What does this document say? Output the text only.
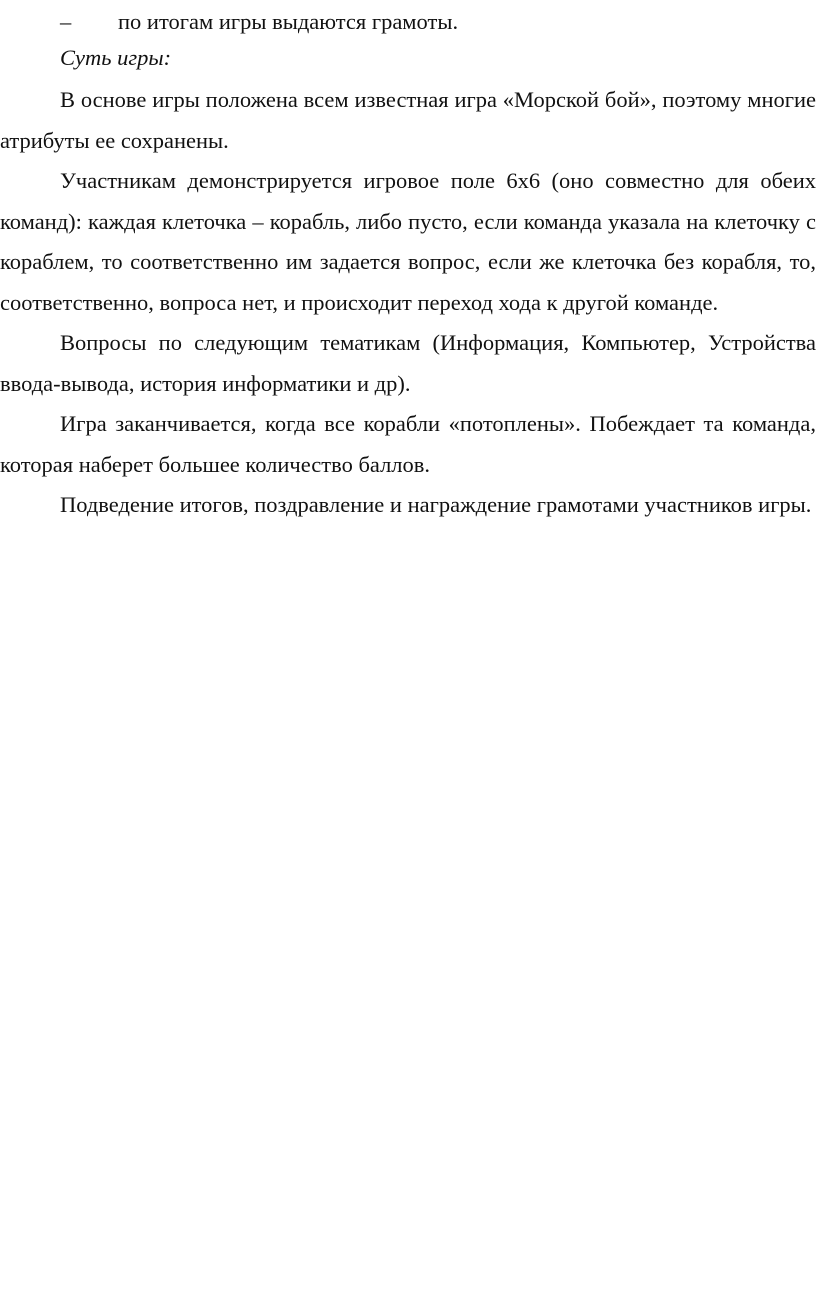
– по итогам игры выдаются грамоты.
Суть игры:

В основе игры положена всем известная игра «Морской бой», поэтому многие атрибуты ее сохранены.

Участникам демонстрируется игровое поле 6x6 (оно совместно для обеих команд): каждая клеточка – корабль, либо пусто, если команда указала на клеточку с кораблем, то соответственно им задается вопрос, если же клеточка без корабля, то, соответственно, вопроса нет, и происходит переход хода к другой команде.

Вопросы по следующим тематикам (Информация, Компьютер, Устройства ввода-вывода, история информатики и др).

Игра заканчивается, когда все корабли «потоплены». Побеждает та команда, которая наберет большее количество баллов.

Подведение итогов, поздравление и награждение грамотами участников игры.
